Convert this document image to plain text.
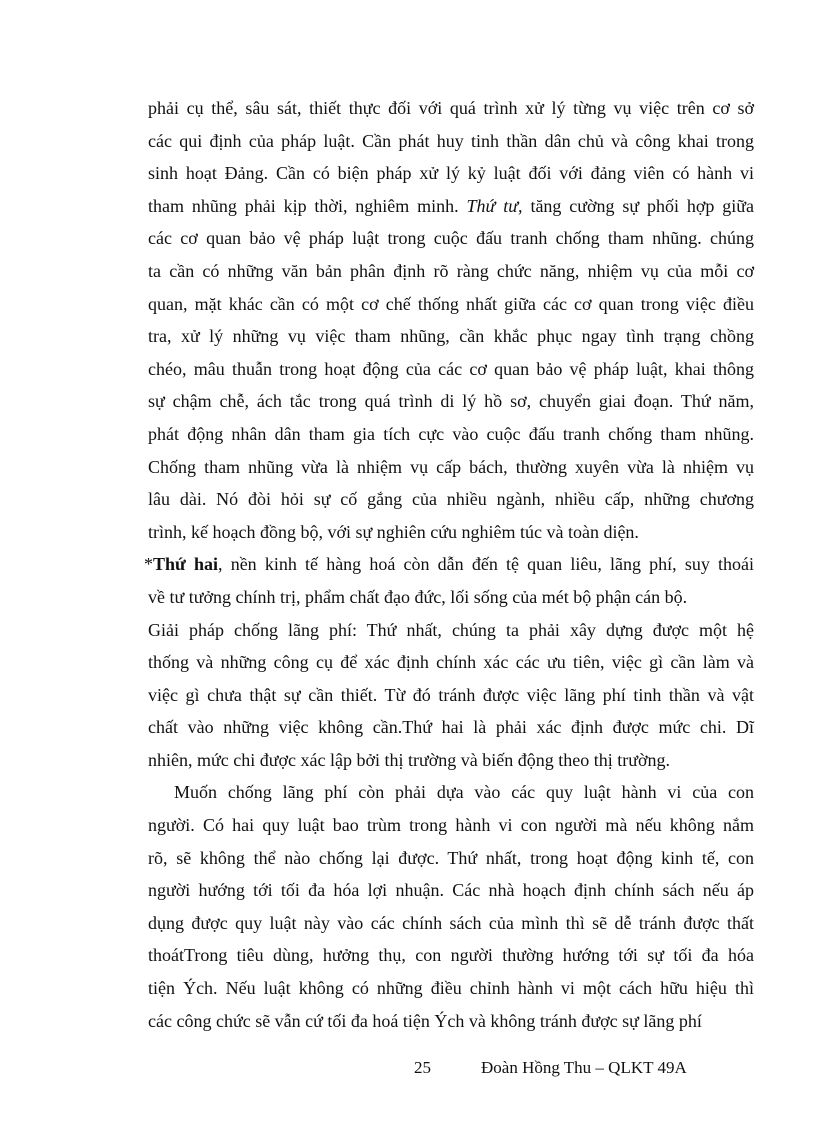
phải cụ thể, sâu sát, thiết thực đối với quá trình xử lý từng vụ việc trên cơ sở
các qui định của pháp luật. Cần phát huy tinh thần dân chủ và công khai trong
sinh hoạt Đảng. Cần có biện pháp xử lý kỷ luật đối với đảng viên có hành vi
tham nhũng phải kịp thời, nghiêm minh. Thứ tư, tăng cường sự phối hợp giữa
các cơ quan bảo vệ pháp luật trong cuộc đấu tranh chống tham nhũng. chúng
ta cần có những văn bản phân định rõ ràng chức năng, nhiệm vụ của mỗi cơ
quan, mặt khác cần có một cơ chế thống nhất giữa các cơ quan trong việc điều
tra, xử lý những vụ việc tham nhũng, cần khắc phục ngay tình trạng chồng
chéo, mâu thuẫn trong hoạt động của các cơ quan bảo vệ pháp luật, khai thông
sự chậm chễ, ách tắc trong quá trình di lý hồ sơ, chuyển giai đoạn. Thứ năm,
phát động nhân dân tham gia tích cực vào cuộc đấu tranh chống tham nhũng.
Chống tham nhũng vừa là nhiệm vụ cấp bách, thường xuyên vừa là nhiệm vụ
lâu dài. Nó đòi hỏi sự cố gắng của nhiều ngành, nhiều cấp, những chương
trình, kế hoạch đồng bộ, với sự nghiên cứu nghiêm túc và toàn diện.
*Thứ hai, nền kinh tế hàng hoá còn dẫn đến tệ quan liêu, lãng phí, suy thoái
về tư tưởng chính trị, phẩm chất đạo đức, lối sống của mét bộ phận cán bộ.
Giải pháp chống lãng phí: Thứ nhất, chúng ta phải xây dựng được một hệ
thống và những công cụ để xác định chính xác các ưu tiên, việc gì cần làm và
việc gì chưa thật sự cần thiết. Từ đó tránh được việc lãng phí tinh thần và vật
chất vào những việc không cần.Thứ hai là phải xác định được mức chi. Dĩ
nhiên, mức chi được xác lập bởi thị trường và biến động theo thị trường.
Muốn chống lãng phí còn phải dựa vào các quy luật hành vi của con
người. Có hai quy luật bao trùm trong hành vi con người mà nếu không nắm
rõ, sẽ không thể nào chống lại được. Thứ nhất, trong hoạt động kinh tế, con
người hướng tới tối đa hóa lợi nhuận. Các nhà hoạch định chính sách nếu áp
dụng được quy luật này vào các chính sách của mình thì sẽ dễ tránh được thất
thoátTrong tiêu dùng, hưởng thụ, con người thường hướng tới sự tối đa hóa
tiện Ých. Nếu luật không có những điều chỉnh hành vi một cách hữu hiệu thì
các công chức sẽ vẫn cứ tối đa hoá tiện Ých và không tránh được sự lãng phí
25	Đoàn Hồng Thu – QLKT 49A
